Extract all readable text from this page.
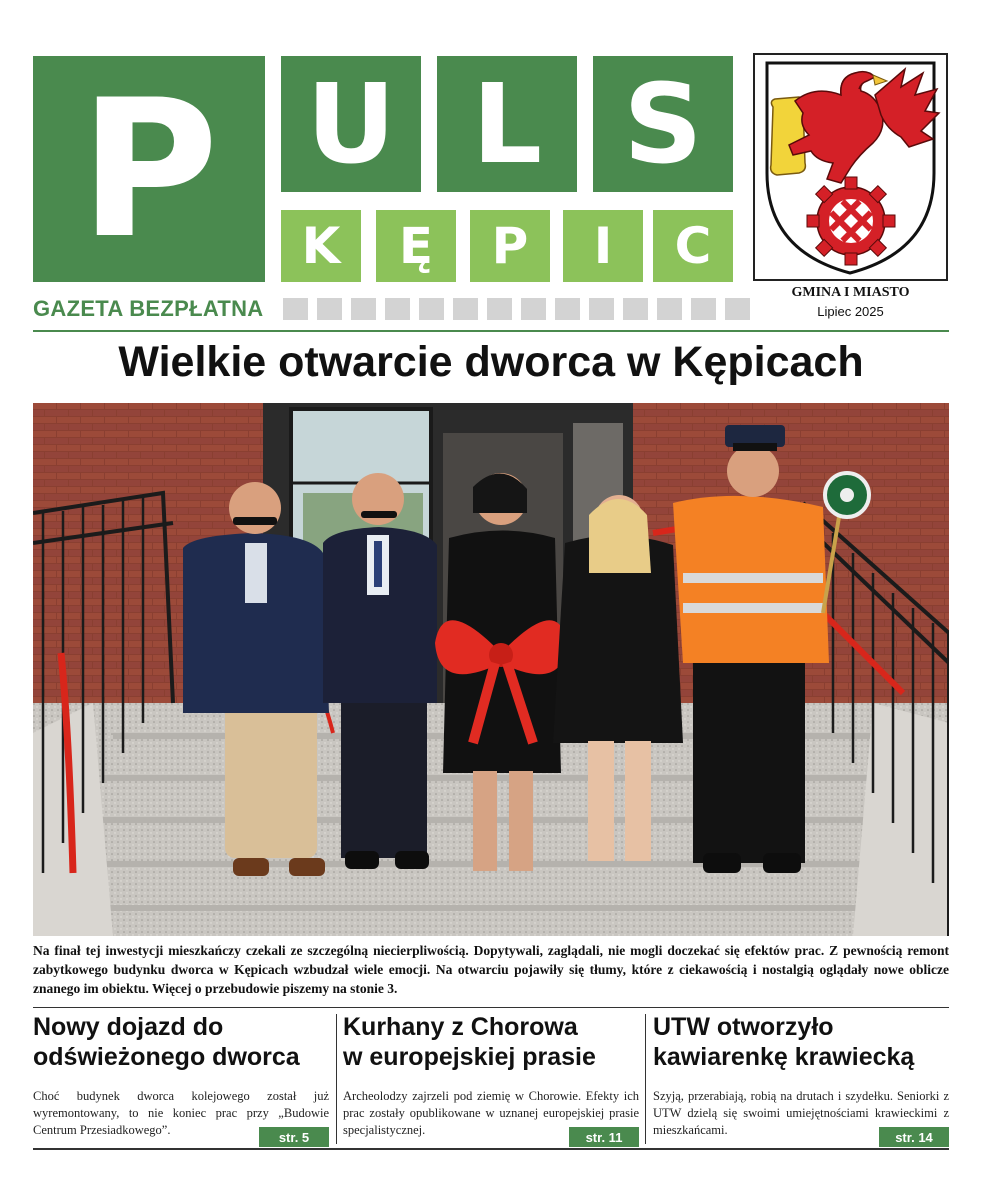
P U L S
K	Ę	P	I	C
GAZETA BEZPŁATNA
GMINA I MIASTO
Lipiec 2025
Wielkie otwarcie dworca w Kępicach

Na finał tej inwestycji mieszkańczy czekali ze szczególną niecierpliwością. Dopytywali, zaglądali, nie mogli doczekać się efektów prac. Z pewnością remont zabytkowego budynku dworca w Kępicach wzbudzał wiele emocji. Na otwarciu pojawiły się tłumy, które z ciekawością i nostalgią oglądały nowe oblicze znanego im obiektu. Więcej o przebudowie piszemy na stonie 3.

Nowy dojazd do
odświeżonego dworca

Choć budynek dworca kolejowego został już wyremontowany, to nie koniec prac przy „Budowie Centrum Przesiadkowego”.	str. 5
Kurhany z Chorowa
w europejskiej prasie

Archeolodzy zajrzeli pod ziemię w Chorowie. Efekty ich prac zostały opublikowane w uznanej europejskiej prasie specjalistycznej.	str. 11
UTW otworzyło
kawiarenkę krawiecką

Szyją, przerabiają, robią na drutach i szydełku. Seniorki z UTW dzielą się swoimi umiejętnościami krawieckimi z mieszkańcami.	str. 14
